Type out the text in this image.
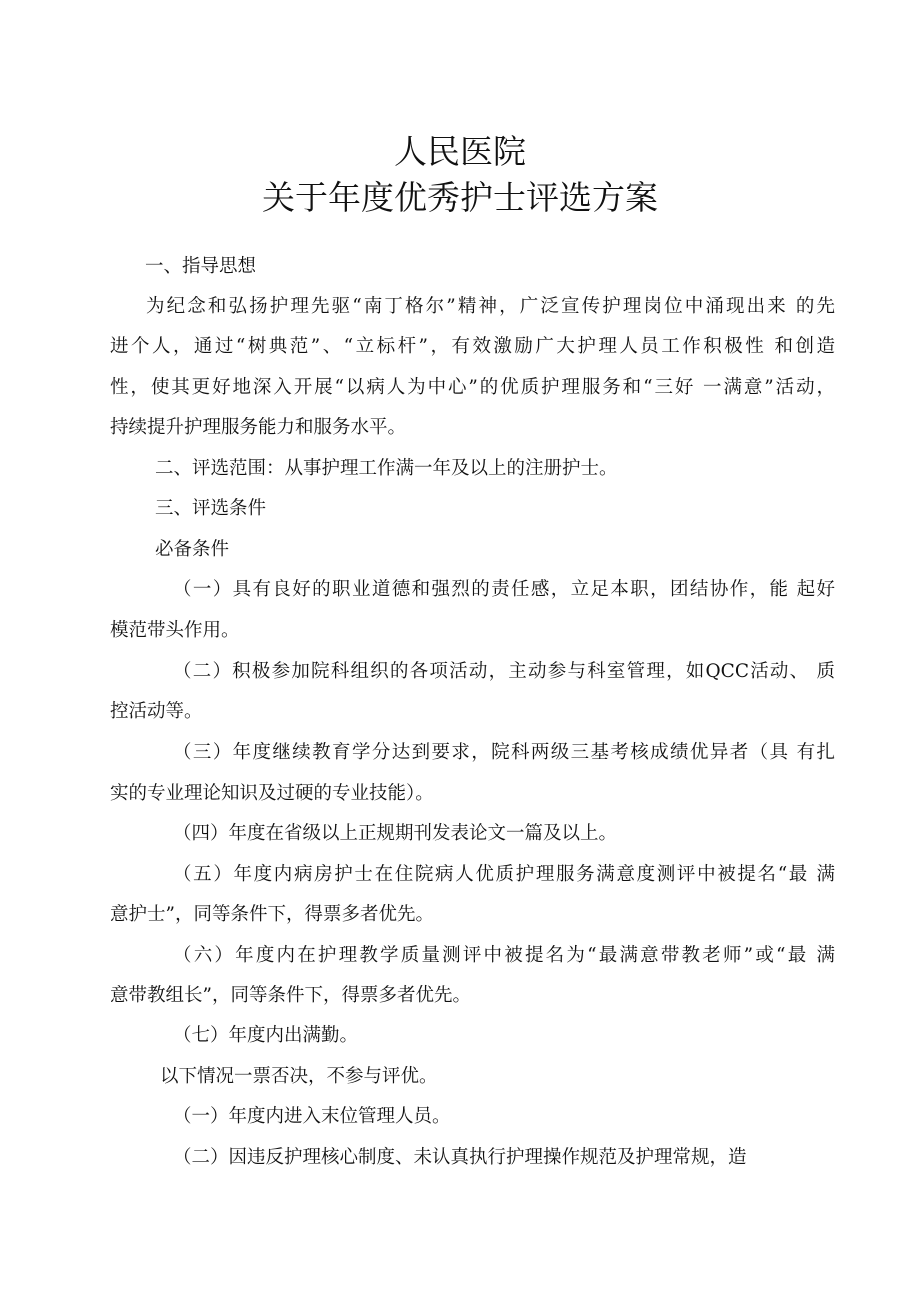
人民医院
关于年度优秀护士评选方案
一、指导思想
为纪念和弘扬护理先驱“南丁格尔”精神，广泛宣传护理岗位中涌现出来 的先
进个人，通过“树典范”、“立标杆”，有效激励广大护理人员工作积极性 和创造
性，使其更好地深入开展“以病人为中心”的优质护理服务和“三好 一满意”活动，
持续提升护理服务能力和服务水平。
二、评选范围：从事护理工作满一年及以上的注册护士。
三、评选条件
必备条件
（一）具有良好的职业道德和强烈的责任感，立足本职，团结协作，能 起好
模范带头作用。
（二）积极参加院科组织的各项活动，主动参与科室管理，如QCC活动、 质
控活动等。
（三）年度继续教育学分达到要求，院科两级三基考核成绩优异者（具 有扎
实的专业理论知识及过硬的专业技能）。
（四）年度在省级以上正规期刊发表论文一篇及以上。
（五）年度内病房护士在住院病人优质护理服务满意度测评中被提名“最 满
意护士”，同等条件下，得票多者优先。
（六）年度内在护理教学质量测评中被提名为“最满意带教老师”或“最 满
意带教组长”，同等条件下，得票多者优先。
（七）年度内出满勤。
以下情况一票否决，不参与评优。
（一）年度内进入末位管理人员。
（二）因违反护理核心制度、未认真执行护理操作规范及护理常规，造
